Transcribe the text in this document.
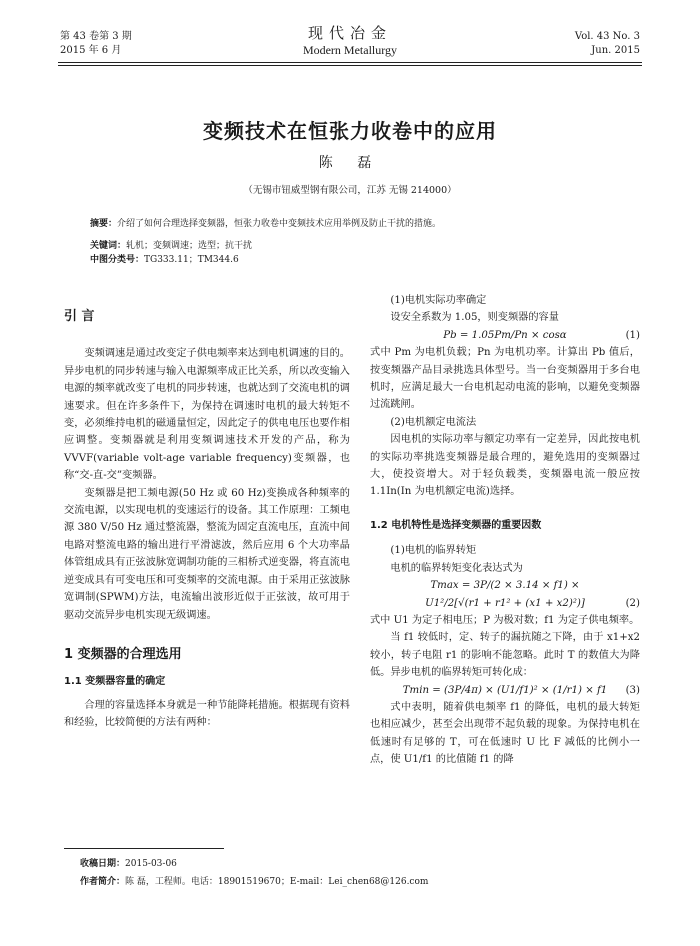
第 43 卷第 3 期
2015 年 6 月
现代冶金
Modern Metallurgy
Vol. 43 No. 3
Jun. 2015
变频技术在恒张力收卷中的应用
陈 磊
（无锡市钮威型钢有限公司，江苏 无锡 214000）
摘要：介绍了如何合理选择变频器，恒张力收卷中变频技术应用举例及防止干扰的措施。
关键词：轧机；变频调速；选型；抗干扰
中图分类号：TG333.11；TM344.6
引 言

变频调速是通过改变定子供电频率来达到电机调速的目的。异步电机的同步转速与输入电源频率成正比关系，所以改变输入电源的频率就改变了电机的同步转速，也就达到了交流电机的调速要求。但在许多条件下，为保持在调速时电机的最大转矩不变，必须维持电机的磁通量恒定，因此定子的供电电压也要作相应调整。变频器就是利用变频调速技术开发的产品，称为 VVVF(variable volt-age variable frequency)变频器，也称“交-直-交”变频器。

变频器是把工频电源(50 Hz 或 60 Hz)变换成各种频率的交流电源，以实现电机的变速运行的设备。其工作原理：工频电源 380 V/50 Hz 通过整流器，整流为固定直流电压，直流中间电路对整流电路的输出进行平滑滤波，然后应用 6 个大功率晶体管组成具有正弦波脉宽调制功能的三相桥式逆变器，将直流电逆变成具有可变电压和可变频率的交流电源。由于采用正弦波脉宽调制(SPWM)方法，电流输出波形近似于正弦波，故可用于驱动交流异步电机实现无级调速。

1 变频器的合理选用
1.1 变频器容量的确定

合理的容量选择本身就是一种节能降耗措施。根据现有资料和经验，比较简便的方法有两种：

(1)电机实际功率确定

设安全系数为 1.05，则变频器的容量

Pb = 1.05Pm/Pn × cosα	(1)

式中 Pm 为电机负载；Pn 为电机功率。计算出 Pb 值后，按变频器产品目录挑选具体型号。当一台变频器用于多台电机时，应满足最大一台电机起动电流的影响，以避免变频器过流跳闸。

(2)电机额定电流法

因电机的实际功率与额定功率有一定差异，因此按电机的实际功率挑选变频器是最合理的，避免选用的变频器过大，使投资增大。对于轻负载类，变频器电流一般应按 1.1In(In 为电机额定电流)选择。

1.2 电机特性是选择变频器的重要因数
(1)电机的临界转矩

电机的临界转矩变化表达式为

Tmax = 3P/(2 × 3.14 × f1) ×
U1²/2[√(r1 + r1² + (x1 + x2)²)]	(2)

式中 U1 为定子相电压；P 为极对数；f1 为定子供电频率。

当 f1 较低时，定、转子的漏抗随之下降，由于 x1+x2 较小，转子电阻 r1 的影响不能忽略。此时 T 的数值大为降低。异步电机的临界转矩可转化成：

Tmin = (3P/4π) × (U1/f1)² × (1/r1) × f1 (3)

式中表明，随着供电频率 f1 的降低，电机的最大转矩也相应减少，甚至会出现带不起负载的现象。为保持电机在低速时有足够的 T，可在低速时 U 比 F 减低的比例小一点，使 U1/f1 的比值随 f1 的降

收稿日期：2015-03-06
作者简介：陈 磊，工程师。电话：18901519670；E-mail：Lei_chen68@126.com
